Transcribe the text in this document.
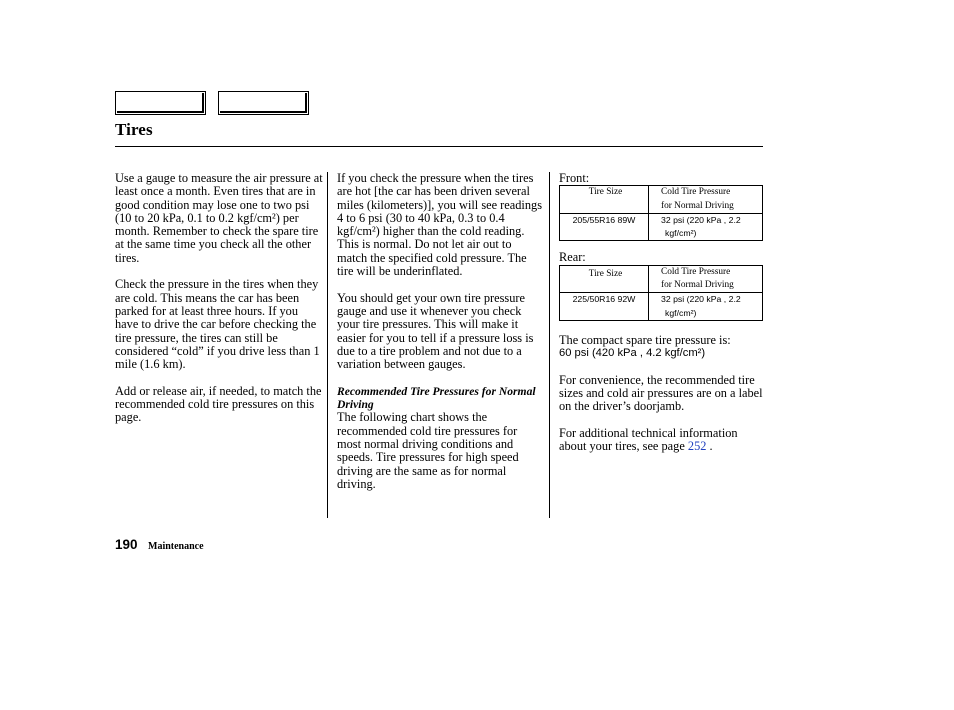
Tires

Use a gauge to measure the air pressure at least once a month. Even tires that are in good condition may lose one to two psi (10 to 20 kPa, 0.1 to 0.2 kgf/cm²) per month. Remember to check the spare tire at the same time you check all the other tires.

Check the pressure in the tires when they are cold. This means the car has been parked for at least three hours. If you have to drive the car before checking the tire pressure, the tires can still be considered “cold” if you drive less than 1 mile (1.6 km).

Add or release air, if needed, to match the recommended cold tire pressures on this page.

If you check the pressure when the tires are hot [the car has been driven several miles (kilometers)], you will see readings 4 to 6 psi (30 to 40 kPa, 0.3 to 0.4 kgf/cm²) higher than the cold reading. This is normal. Do not let air out to match the specified cold pressure. The tire will be underinflated.

You should get your own tire pressure gauge and use it whenever you check your tire pressures. This will make it easier for you to tell if a pressure loss is due to a tire problem and not due to a variation between gauges.

Recommended Tire Pressures for Normal Driving

The following chart shows the recommended cold tire pressures for most normal driving conditions and speeds. Tire pressures for high speed driving are the same as for normal driving.

Front:
Tire Size	Cold Tire Pressure
for Normal Driving

205/55R16 89W	32 psi (220 kPa , 2.2
kgf/cm²)
Rear:
Tire Size	Cold Tire Pressure
for Normal Driving

225/50R16 92W	32 psi (220 kPa , 2.2
kgf/cm²)
The compact spare tire pressure is:

60 psi (420 kPa , 4.2 kgf/cm²)

For convenience, the recommended tire sizes and cold air pressures are on a label on the driver’s doorjamb.

For additional technical information about your tires, see page 252 .

190 Maintenance
